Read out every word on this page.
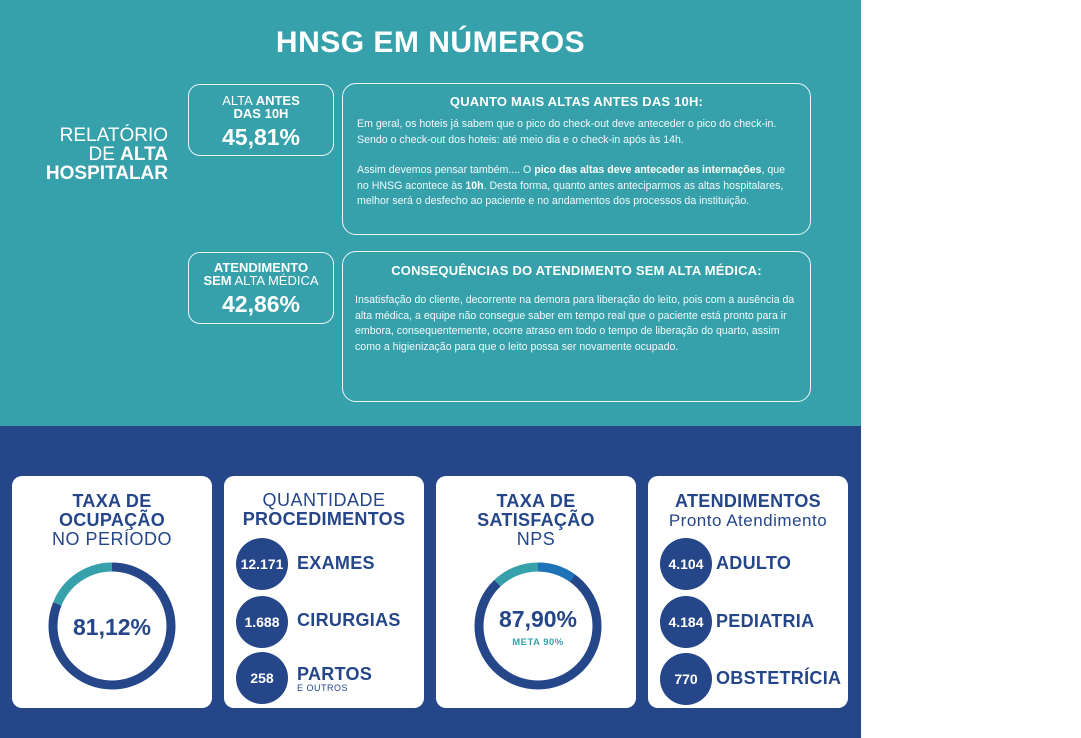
HNSG EM NÚMEROS
RELATÓRIO
DE ALTA
HOSPITALAR
ALTA ANTES
DAS 10H
45,81%
ATENDIMENTO
SEM ALTA MÉDICA
42,86%
QUANTO MAIS ALTAS ANTES DAS 10H:

Em geral, os hoteis já sabem que o pico do check-out deve anteceder o pico do check-in. Sendo o check-out dos hoteis: até meio dia e o check-in após às 14h.

Assim devemos pensar também.... O pico das altas deve anteceder as internações, que no HNSG acontece às 10h. Desta forma, quanto antes anteciparmos as altas hospitalares, melhor será o desfecho ao paciente e no andamentos dos processos da instituição.

CONSEQUÊNCIAS DO ATENDIMENTO SEM ALTA MÉDICA:

Insatisfação do cliente, decorrente na demora para liberação do leito, pois com a ausência da alta médica, a equipe não consegue saber em tempo real que o paciente está pronto para ir embora, consequentemente, ocorre atraso em todo o tempo de liberação do quarto, assim como a higienização para que o leito possa ser novamente ocupado.

TAXA DE
OCUPAÇÃO
NO PERÍODO
81,12%
QUANTIDADE
PROCEDIMENTOS
12.171 EXAMES
1.688 CIRURGIAS
258	PARTOS
E OUTROS
TAXA DE
SATISFAÇÃO
NPS
87,90%
META 90%
ATENDIMENTOS
Pronto Atendimento
4.104 ADULTO
4.184 PEDIATRIA
770	OBSTETRÍCIA
